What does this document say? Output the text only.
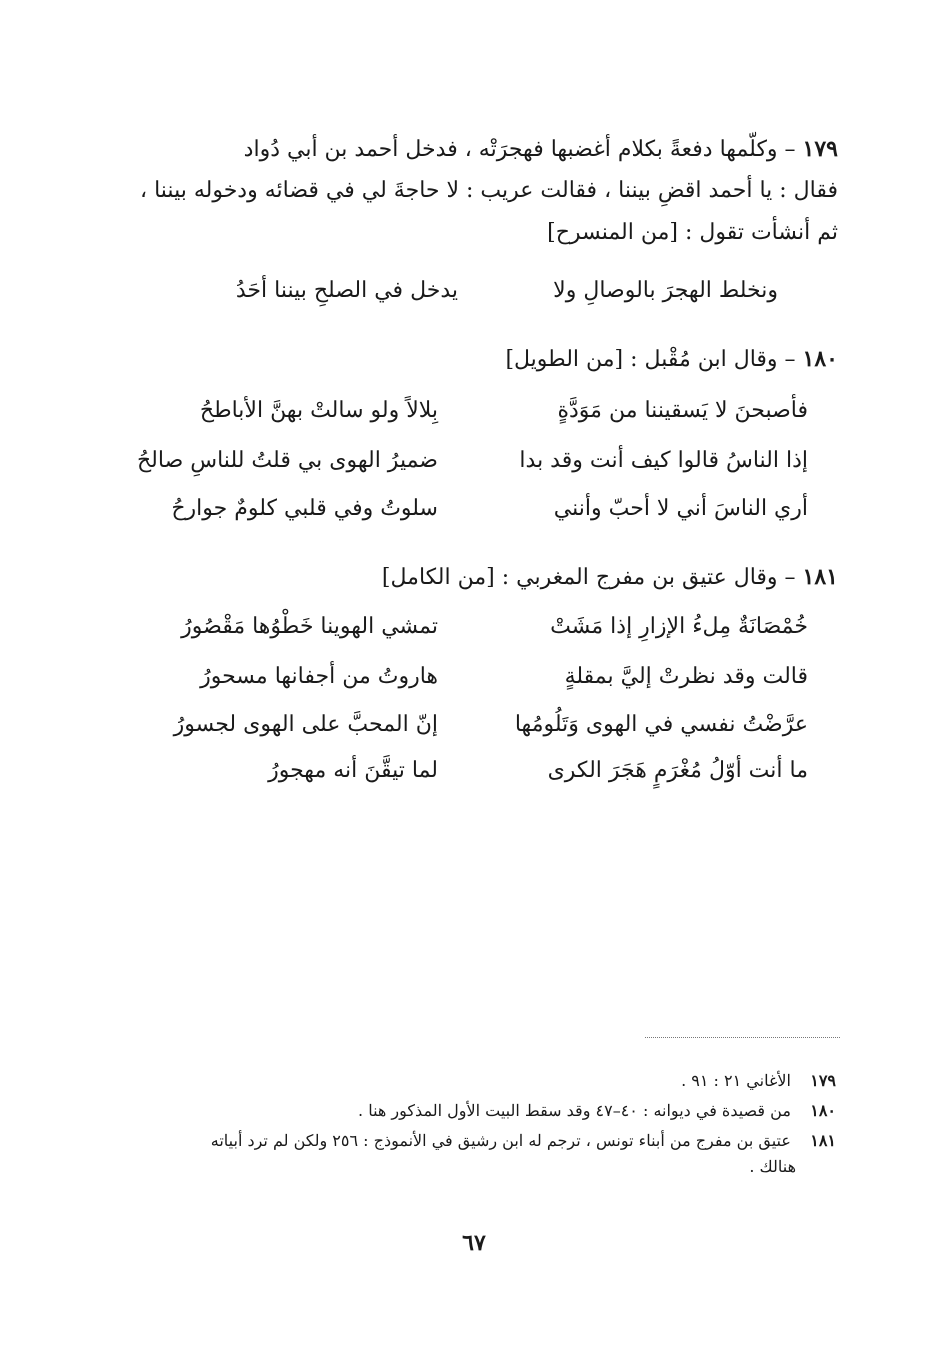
١٧٩ – وكلّمها دفعةً بكلام أغضبها فهجرَتْه ، فدخل أحمد بن أبي دُواد
فقال : يا أحمد اقضِ بيننا ، فقالت عريب : لا حاجةَ لي في قضائه ودخوله بيننا ،
ثم أنشأت تقول : [من المنسرح]
ونخلط الهجرَ بالوصالِ ولا
يدخل في الصلحِ بيننا أحَدُ
١٨٠ – وقال ابن مُقْبل : [من الطويل]
فأصبحنَ لا يَسقيننا من مَوَدَّةٍ
بِلالاً ولو سالتْ بهنَّ الأباطحُ
إذا الناسُ قالوا كيف أنت وقد بدا
ضميرُ الهوى بي قلتُ للناسِ صالحُ
أري الناسَ أني لا أحبّ وأنني
سلوتُ وفي قلبي كلومٌ جوارحُ
١٨١ – وقال عتيق بن مفرج المغربي : [من الكامل]
خُمْصَانَةٌ مِلءُ الإزارِ إذا مَشَتْ
تمشي الهوينا خَطْوُها مَقْصُورُ
قالت وقد نظرتْ إليَّ بمقلةٍ
هاروتُ من أجفانها مسحورُ
عرَّضْتُ نفسي في الهوى وَتَلُومُها
إنّ المحبَّ على الهوى لجسورُ
ما أنت أوّلُ مُغْرَمٍ هَجَرَ الكرى
لما تيقَّنَ أنه مهجورُ
١٧٩ الأغاني ٢١ : ٩١ .
١٨٠ من قصيدة في ديوانه : ٤٠–٤٧ وقد سقط البيت الأول المذكور هنا .
١٨١ عتيق بن مفرج من أبناء تونس ، ترجم له ابن رشيق في الأنموذج : ٢٥٦ ولكن لم ترد أبياته
هنالك .
٦٧
